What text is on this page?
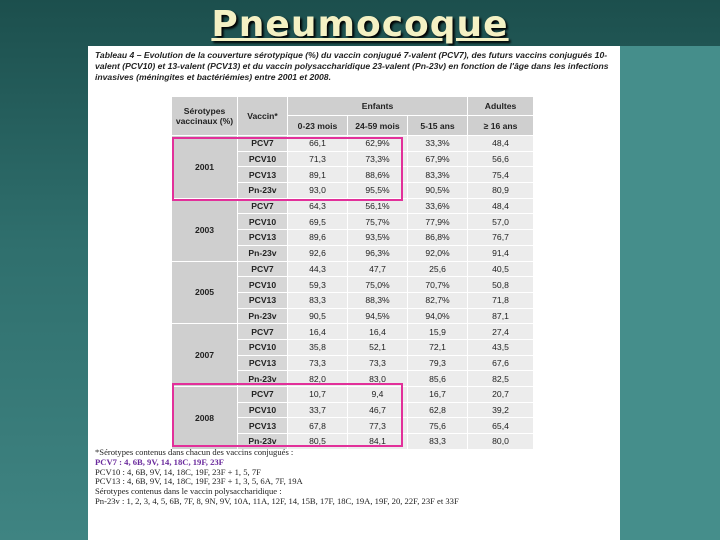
Pneumocoque
Tableau 4 – Evolution de la couverture sérotypique (%) du vaccin conjugué 7-valent (PCV7), des futurs vaccins conjugués 10-valent (PCV10) et 13-valent (PCV13) et du vaccin polysaccharidique 23-valent (Pn-23v) en fonction de l'âge dans les infections invasives (méningites et bactériémies) entre 2001 et 2008.
Sérotypes vaccinaux (%)	Vaccin*	Enfants			Adultes
		0-23 mois	24-59 mois	5-15 ans	≥ 16 ans
2001	PCV7	66,1	62,9%	33,3%	48,4
	PCV10	71,3	73,3%	67,9%	56,6
	PCV13	89,1	88,6%	83,3%	75,4
	Pn-23v	93,0	95,5%	90,5%	80,9
2003	PCV7	64,3	56,1%	33,6%	48,4
	PCV10	69,5	75,7%	77,9%	57,0
	PCV13	89,6	93,5%	86,8%	76,7
	Pn-23v	92,6	96,3%	92,0%	91,4
2005	PCV7	44,3	47,7	25,6	40,5
	PCV10	59,3	75,0%	70,7%	50,8
	PCV13	83,3	88,3%	82,7%	71,8
	Pn-23v	90,5	94,5%	94,0%	87,1
2007	PCV7	16,4	16,4	15,9	27,4
	PCV10	35,8	52,1	72,1	43,5
	PCV13	73,3	73,3	79,3	67,6
	Pn-23v	82,0	83,0	85,6	82,5
2008	PCV7	10,7	9,4	16,7	20,7
	PCV10	33,7	46,7	62,8	39,2
	PCV13	67,8	77,3	75,6	65,4
	Pn-23v	80,5	84,1	83,3	80,0
*Sérotypes contenus dans chacun des vaccins conjugués :
PCV7 : 4, 6B, 9V, 14, 18C, 19F, 23F
PCV10 : 4, 6B, 9V, 14, 18C, 19F, 23F + 1, 5, 7F
PCV13 : 4, 6B, 9V, 14, 18C, 19F, 23F + 1, 3, 5, 6A, 7F, 19A
Sérotypes contenus dans le vaccin polysaccharidique :
Pn-23v : 1, 2, 3, 4, 5, 6B, 7F, 8, 9N, 9V, 10A, 11A, 12F, 14, 15B, 17F, 18C, 19A, 19F, 20, 22F, 23F et 33F
